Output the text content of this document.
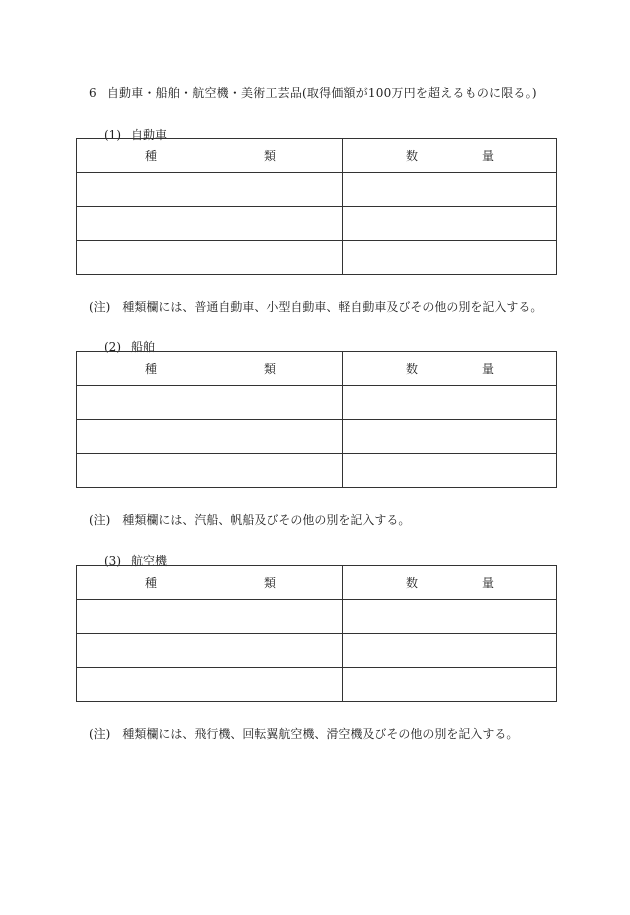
6 自動車・船舶・航空機・美術工芸品(取得価額が100万円を超えるものに限る。)
(1) 自動車
種 類	数 量

(注) 種類欄には、普通自動車、小型自動車、軽自動車及びその他の別を記入する。
(2) 船舶
種 類	数 量

(注) 種類欄には、汽船、帆船及びその他の別を記入する。
(3) 航空機
種 類	数 量

(注) 種類欄には、飛行機、回転翼航空機、滑空機及びその他の別を記入する。
